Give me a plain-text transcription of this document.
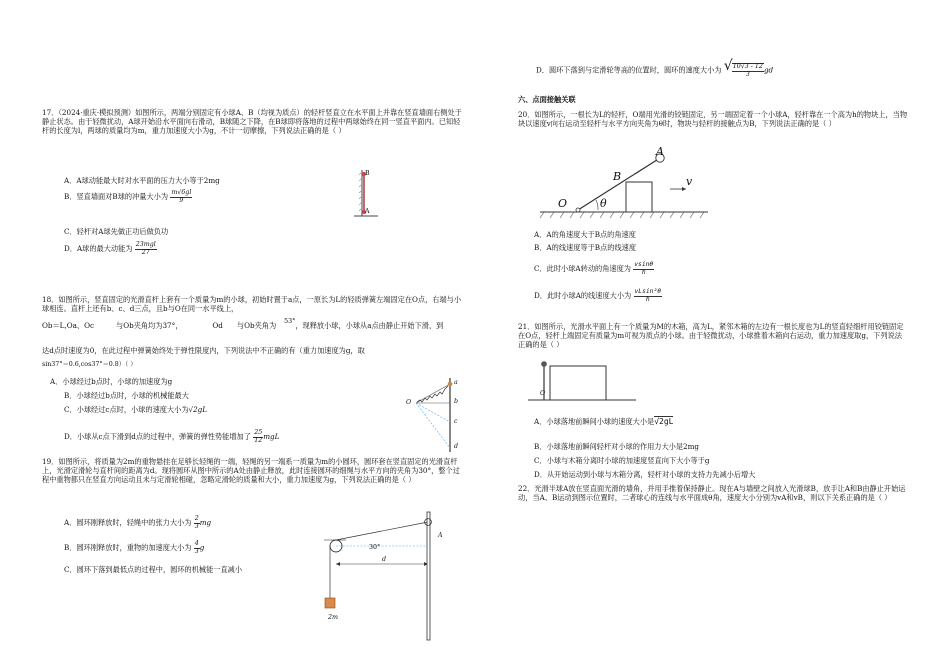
17．（2024·重庆·模拟预测）如图所示，两端分别固定有小球A、B（均视为质点）的轻杆竖直立在水平面上并靠在竖直墙面右侧处于静止状态。由于轻微扰动，A球开始沿水平面向右滑动，B球随之下降，在B球即将落地的过程中两球始终在同一竖直平面内。已知轻杆的长度为l，两球的质量均为m，重力加速度大小为g，不计一切摩擦，下列说法正确的是（ ）

A．A球动能最大时对水平面的压力大小等于2mg
B．竖直墙面对B球的冲量大小为 $\frac{m√6gl}{9}$
C．轻杆对A球先做正功后做负功
D．A球的最大动能为 $\frac{\text{23mgl}}{27}$
B
A

18．如图所示，竖直固定的光滑直杆上套有一个质量为m的小球，初始时置于a点，一原长为L的轻质弹簧左端固定在O点，右端与小球相连。直杆上还有b、c、d三点，且b与O在同一水平线上，

Ob＝L,Oa、Oc	与Ob夹角均为37°，	Od 与Ob夹角为 53°，现释放小球，小球从a点由静止开始下滑，到
达d点时速度为0，在此过程中弹簧始终处于弹性限度内，下列说法中不正确的有（重力加速度为g，取
sin37°＝0.6,cos37°＝0.8）（ ）
A．小球经过b点时，小球的加速度为g
B．小球经过b点时，小球的机械能最大
C．小球经过c点时，小球的速度大小为√2gL
D．小球从c点下滑到d点的过程中，弹簧的弹性势能增加了 $\frac{25}{12}$ mgL
O
a
b
c
d

19．如图所示，将质量为2m的重物悬挂在足够长轻绳的一端，轻绳的另一端系一质量为m的小圆环，圆环套在竖直固定的光滑直杆上，光滑定滑轮与直杆间的距离为d。现将圆环从图中所示的A处由静止释放，此时连接圆环的细绳与水平方向的夹角为30°，整个过程中重物都只在竖直方向运动且未与定滑轮相碰，忽略定滑轮的质量和大小，重力加速度为g，下列说法正确的是（ ）

A．圆环刚释放时，轻绳中的张力大小为 $\frac{2}{3}$ mg
B．圆环刚释放时，重物的加速度大小为 $\frac{4}{3}$ g
C．圆环下落到最低点的过程中，圆环的机械能一直减小
30°
A
d
2m
D．圆环下落到与定滑轮等高的位置时，圆环的速度大小为 √ $\frac{10√3 - 12}{3}$ gd
六、点面接触关联

20．如图所示，一根长为L的轻杆，O端用光滑的铰链固定，另一端固定着一个小球A，轻杆靠在一个高为h的物块上，当物块以速度v向右运动至轻杆与水平方向夹角为θ时，物块与轻杆的接触点为B，下列说法正确的是（ ）

A
B	v
O	θ
A．A的角速度大于B点的角速度
B．A的线速度等于B点的线速度
C．此时小球A转动的角速度为 $\frac{vsin\theta}{h}$
D．此时小球A的线速度大小为 $\frac{\text{vLsin²θ}}{h}$

21．如图所示，光滑水平面上有一个质量为M的木箱，高为L，紧邻木箱的左边有一根长度也为L的竖直轻细杆用铰链固定在O点，轻杆上端固定有质量为m可视为质点的小球。由于轻微扰动，小球推着木箱向右运动，重力加速度取g，下列说法正确的是（ ）

O
A．小球落地前瞬间小球的速度大小是√2gL
B．小球落地前瞬间轻杆对小球的作用力大小是2mg
C．小球与木箱分离时小球的加速度竖直向下大小等于g
D．从开始运动到小球与木箱分离，轻杆对小球的支持力先减小后增大

22．光滑半球A放在竖直面光滑的墙角，并用手推着保持静止。现在A与墙壁之间放入光滑球B，放手让A和B由静止开始运动，当A、B运动到图示位置时，二者球心的连线与水平面成θ角，速度大小分别为vA和vB，则以下关系正确的是（ ）
